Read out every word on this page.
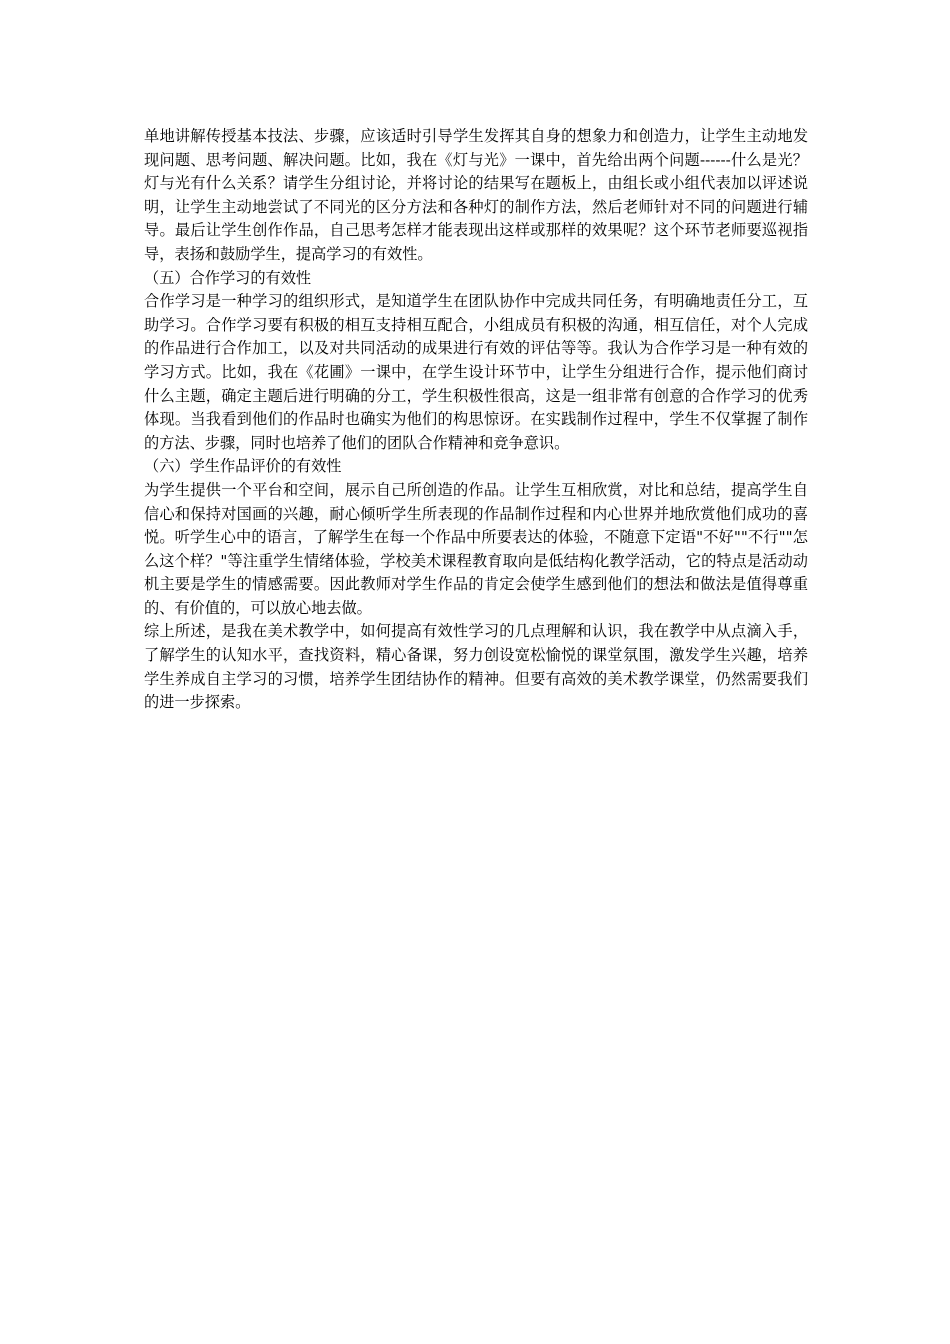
单地讲解传授基本技法、步骤，应该适时引导学生发挥其自身的想象力和创造力，让学生主动地发现问题、思考问题、解决问题。比如，我在《灯与光》一课中，首先给出两个问题------什么是光？灯与光有什么关系？请学生分组讨论，并将讨论的结果写在题板上，由组长或小组代表加以评述说明，让学生主动地尝试了不同光的区分方法和各种灯的制作方法，然后老师针对不同的问题进行辅导。最后让学生创作作品，自己思考怎样才能表现出这样或那样的效果呢？这个环节老师要巡视指导，表扬和鼓励学生，提高学习的有效性。

（五）合作学习的有效性

合作学习是一种学习的组织形式，是知道学生在团队协作中完成共同任务，有明确地责任分工，互助学习。合作学习要有积极的相互支持相互配合，小组成员有积极的沟通，相互信任，对个人完成的作品进行合作加工，以及对共同活动的成果进行有效的评估等等。我认为合作学习是一种有效的学习方式。比如，我在《花圃》一课中，在学生设计环节中，让学生分组进行合作，提示他们商讨什么主题，确定主题后进行明确的分工，学生积极性很高，这是一组非常有创意的合作学习的优秀体现。当我看到他们的作品时也确实为他们的构思惊讶。在实践制作过程中，学生不仅掌握了制作的方法、步骤，同时也培养了他们的团队合作精神和竞争意识。

（六）学生作品评价的有效性

为学生提供一个平台和空间，展示自己所创造的作品。让学生互相欣赏，对比和总结，提高学生自信心和保持对国画的兴趣，耐心倾听学生所表现的作品制作过程和内心世界并地欣赏他们成功的喜悦。听学生心中的语言，了解学生在每一个作品中所要表达的体验，不随意下定语"不好""不行""怎么这个样？"等注重学生情绪体验，学校美术课程教育取向是低结构化教学活动，它的特点是活动动机主要是学生的情感需要。因此教师对学生作品的肯定会使学生感到他们的想法和做法是值得尊重的、有价值的，可以放心地去做。

综上所述，是我在美术教学中，如何提高有效性学习的几点理解和认识，我在教学中从点滴入手，了解学生的认知水平，查找资料，精心备课，努力创设宽松愉悦的课堂氛围，激发学生兴趣，培养学生养成自主学习的习惯，培养学生团结协作的精神。但要有高效的美术教学课堂，仍然需要我们的进一步探索。
